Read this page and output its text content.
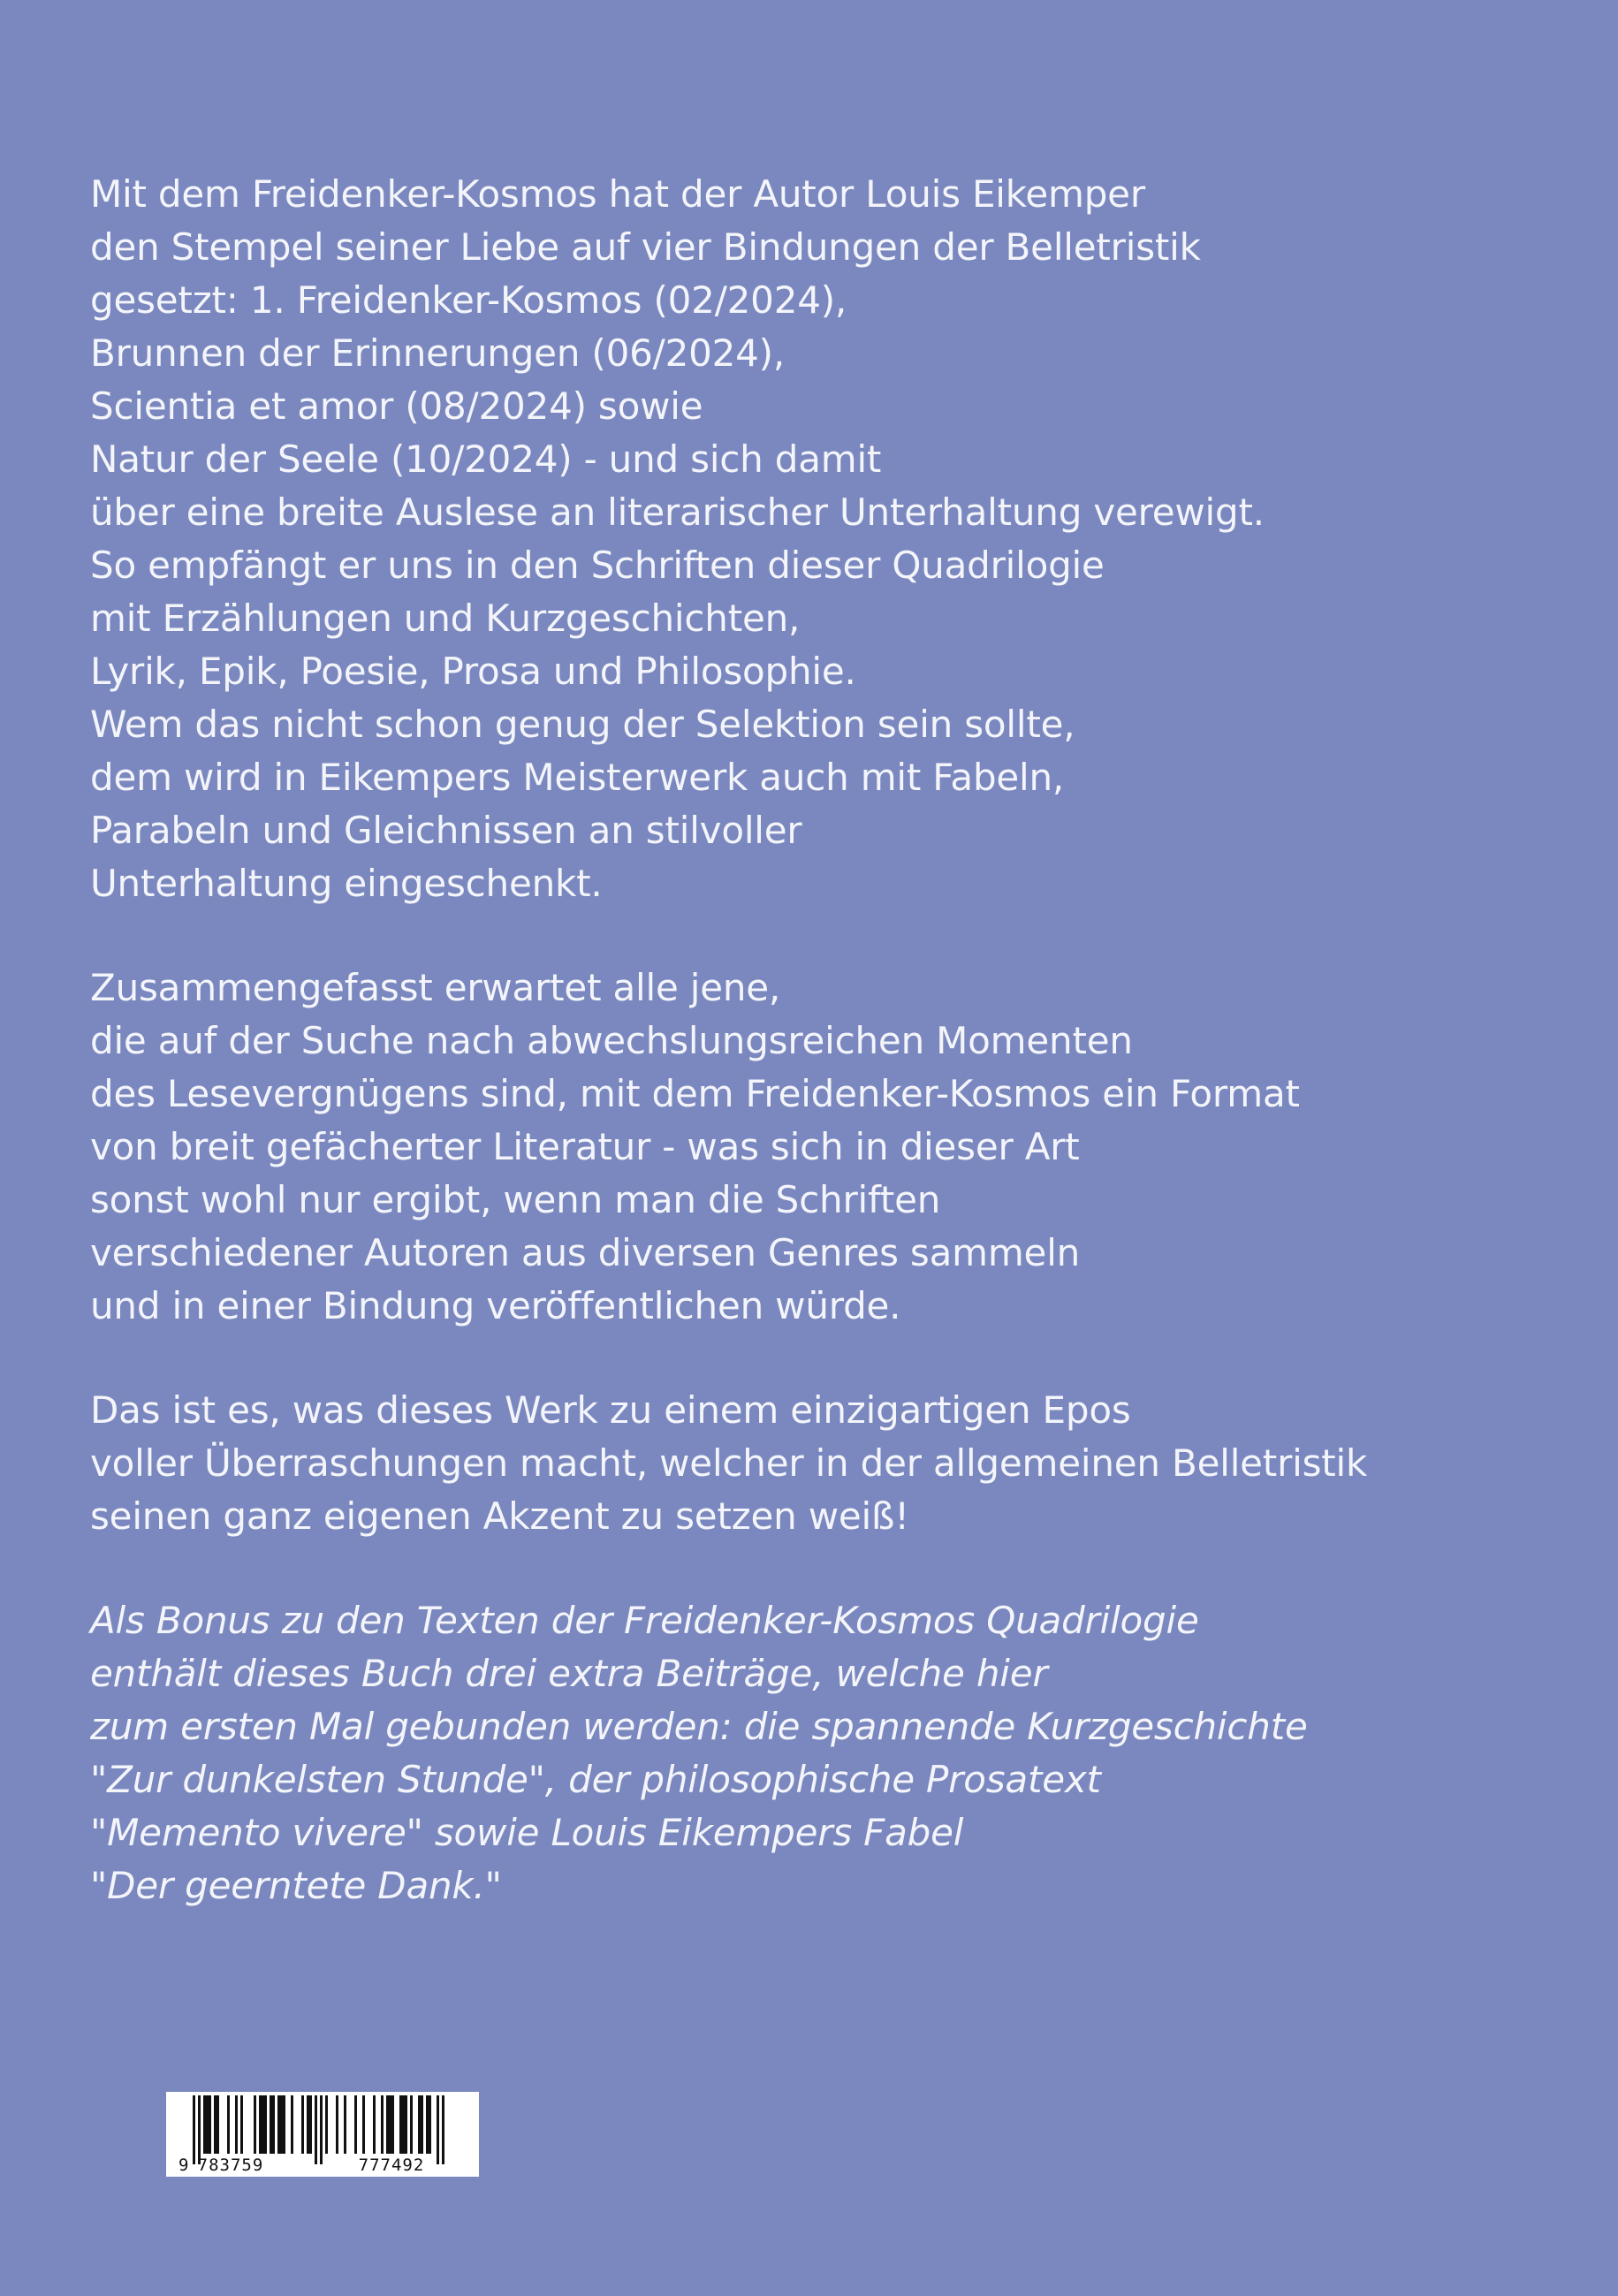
Mit dem Freidenker-Kosmos hat der Autor Louis Eikemper
den Stempel seiner Liebe auf vier Bindungen der Belletristik
gesetzt: 1. Freidenker-Kosmos (02/2024),
Brunnen der Erinnerungen (06/2024),
Scientia et amor (08/2024) sowie
Natur der Seele (10/2024) - und sich damit
über eine breite Auslese an literarischer Unterhaltung verewigt.
So empfängt er uns in den Schriften dieser Quadrilogie
mit Erzählungen und Kurzgeschichten,
Lyrik, Epik, Poesie, Prosa und Philosophie.
Wem das nicht schon genug der Selektion sein sollte,
dem wird in Eikempers Meisterwerk auch mit Fabeln,
Parabeln und Gleichnissen an stilvoller
Unterhaltung eingeschenkt.

Zusammengefasst erwartet alle jene,
die auf der Suche nach abwechslungsreichen Momenten
des Lesevergnügens sind, mit dem Freidenker-Kosmos ein Format
von breit gefächerter Literatur - was sich in dieser Art
sonst wohl nur ergibt, wenn man die Schriften
verschiedener Autoren aus diversen Genres sammeln
und in einer Bindung veröffentlichen würde.

Das ist es, was dieses Werk zu einem einzigartigen Epos
voller Überraschungen macht, welcher in der allgemeinen Belletristik
seinen ganz eigenen Akzent zu setzen weiß!

Als Bonus zu den Texten der Freidenker-Kosmos Quadrilogie
enthält dieses Buch drei extra Beiträge, welche hier
zum ersten Mal gebunden werden: die spannende Kurzgeschichte
"Zur dunkelsten Stunde", der philosophische Prosatext
"Memento vivere" sowie Louis Eikempers Fabel
"Der geerntete Dank."

9 783759	777492
